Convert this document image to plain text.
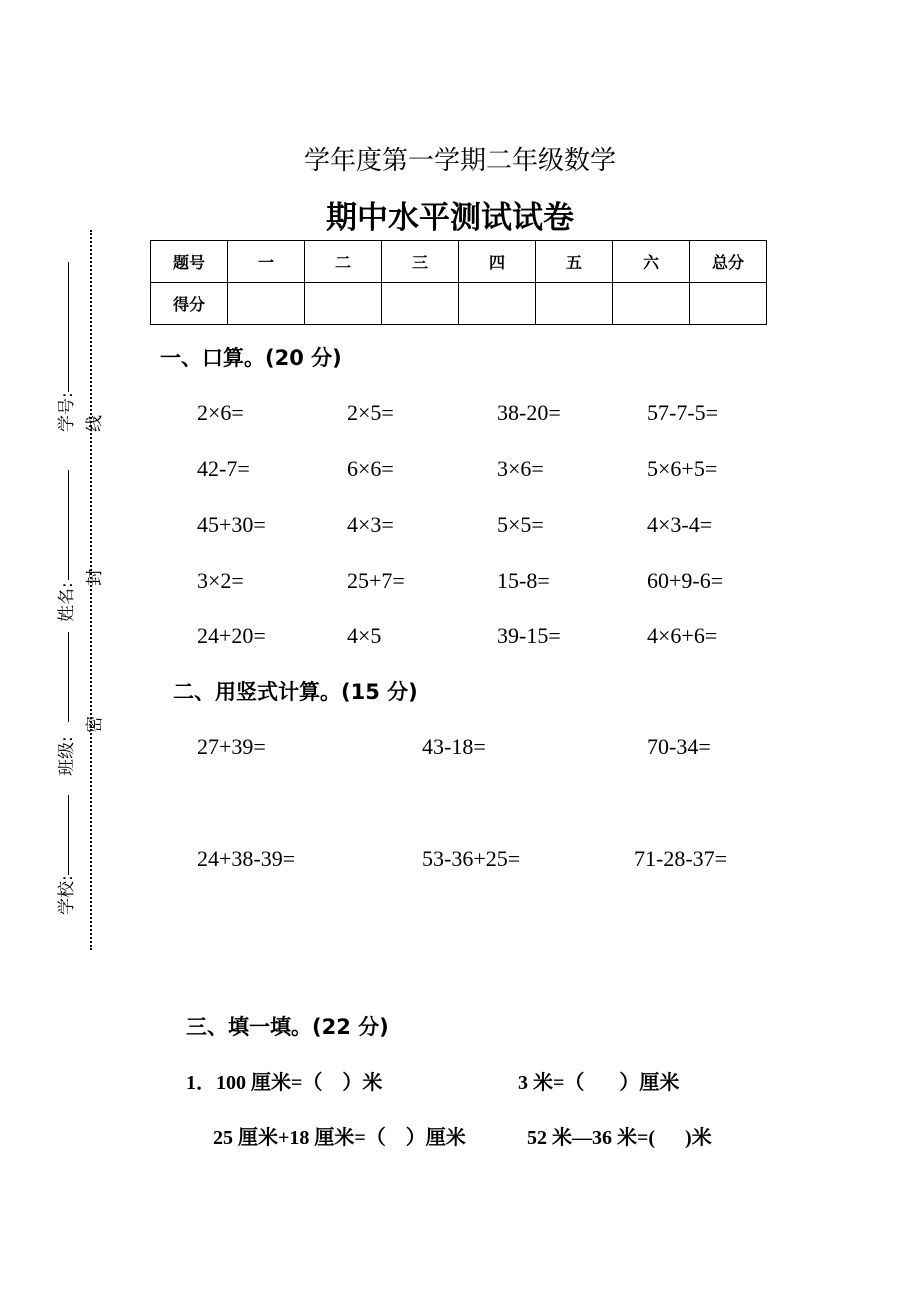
学号:
姓名:
班级:
学校:
线
封
密
学年度第一学期二年级数学
期中水平测试试卷
题号	一	二	三	四	五	六	总分
得分							
一、口算。(20 分)
2×6=	2×5=	38-20=	57-7-5=
42-7=	6×6=	3×6=	5×6+5=
45+30=	4×3=	5×5=	4×3-4=
3×2=	25+7=	15-8=	60+9-6=
24+20=	4×5	39-15=	4×6+6=
二、用竖式计算。(15 分)
27+39=	43-18=	70-34=
24+38-39=	53-36+25=	71-28-37=
三、填一填。(22 分)
1．100 厘米=（    ）米	3 米=（       ）厘米
25 厘米+18 厘米=（    ）厘米	52 米—36 米=(      )米
